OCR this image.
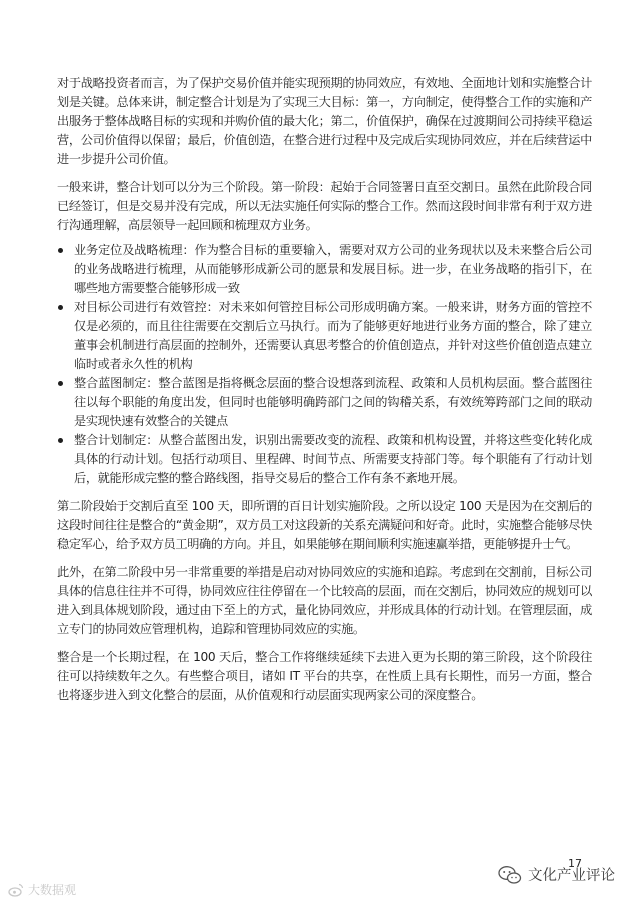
对于战略投资者而言，为了保护交易价值并能实现预期的协同效应，有效地、全面地计划和实施整合计划是关键。总体来讲，制定整合计划是为了实现三大目标：第一，方向制定，使得整合工作的实施和产出服务于整体战略目标的实现和并购价值的最大化；第二，价值保护，确保在过渡期间公司持续平稳运营，公司价值得以保留；最后，价值创造，在整合进行过程中及完成后实现协同效应，并在后续营运中进一步提升公司价值。

一般来讲，整合计划可以分为三个阶段。第一阶段：起始于合同签署日直至交割日。虽然在此阶段合同已经签订，但是交易并没有完成，所以无法实施任何实际的整合工作。然而这段时间非常有利于双方进行沟通理解，高层领导一起回顾和梳理双方业务。

业务定位及战略梳理：作为整合目标的重要输入，需要对双方公司的业务现状以及未来整合后公司的业务战略进行梳理，从而能够形成新公司的愿景和发展目标。进一步，在业务战略的指引下，在哪些地方需要整合能够形成一致
对目标公司进行有效管控：对未来如何管控目标公司形成明确方案。一般来讲，财务方面的管控不仅是必须的，而且往往需要在交割后立马执行。而为了能够更好地进行业务方面的整合，除了建立董事会机制进行高层面的控制外，还需要认真思考整合的价值创造点，并针对这些价值创造点建立临时或者永久性的机构
整合蓝图制定：整合蓝图是指将概念层面的整合设想落到流程、政策和人员机构层面。整合蓝图往往以每个职能的角度出发，但同时也能够明确跨部门之间的钩稽关系，有效统筹跨部门之间的联动是实现快速有效整合的关键点
整合计划制定：从整合蓝图出发，识别出需要改变的流程、政策和机构设置，并将这些变化转化成具体的行动计划。包括行动项目、里程碑、时间节点、所需要支持部门等。每个职能有了行动计划后，就能形成完整的整合路线图，指导交易后的整合工作有条不紊地开展。

第二阶段始于交割后直至 100 天，即所谓的百日计划实施阶段。之所以设定 100 天是因为在交割后的这段时间往往是整合的“黄金期”，双方员工对这段新的关系充满疑问和好奇。此时，实施整合能够尽快稳定军心，给予双方员工明确的方向。并且，如果能够在期间顺利实施速赢举措，更能够提升士气。

此外，在第二阶段中另一非常重要的举措是启动对协同效应的实施和追踪。考虑到在交割前，目标公司具体的信息往往并不可得，协同效应往往停留在一个比较高的层面，而在交割后，协同效应的规划可以进入到具体规划阶段，通过由下至上的方式，量化协同效应，并形成具体的行动计划。在管理层面，成立专门的协同效应管理机构，追踪和管理协同效应的实施。

整合是一个长期过程，在 100 天后，整合工作将继续延续下去进入更为长期的第三阶段，这个阶段往往可以持续数年之久。有些整合项目，诸如 IT 平台的共享，在性质上具有长期性，而另一方面，整合也将逐步进入到文化整合的层面，从价值观和行动层面实现两家公司的深度整合。

17
大数据观
文化产业评论
